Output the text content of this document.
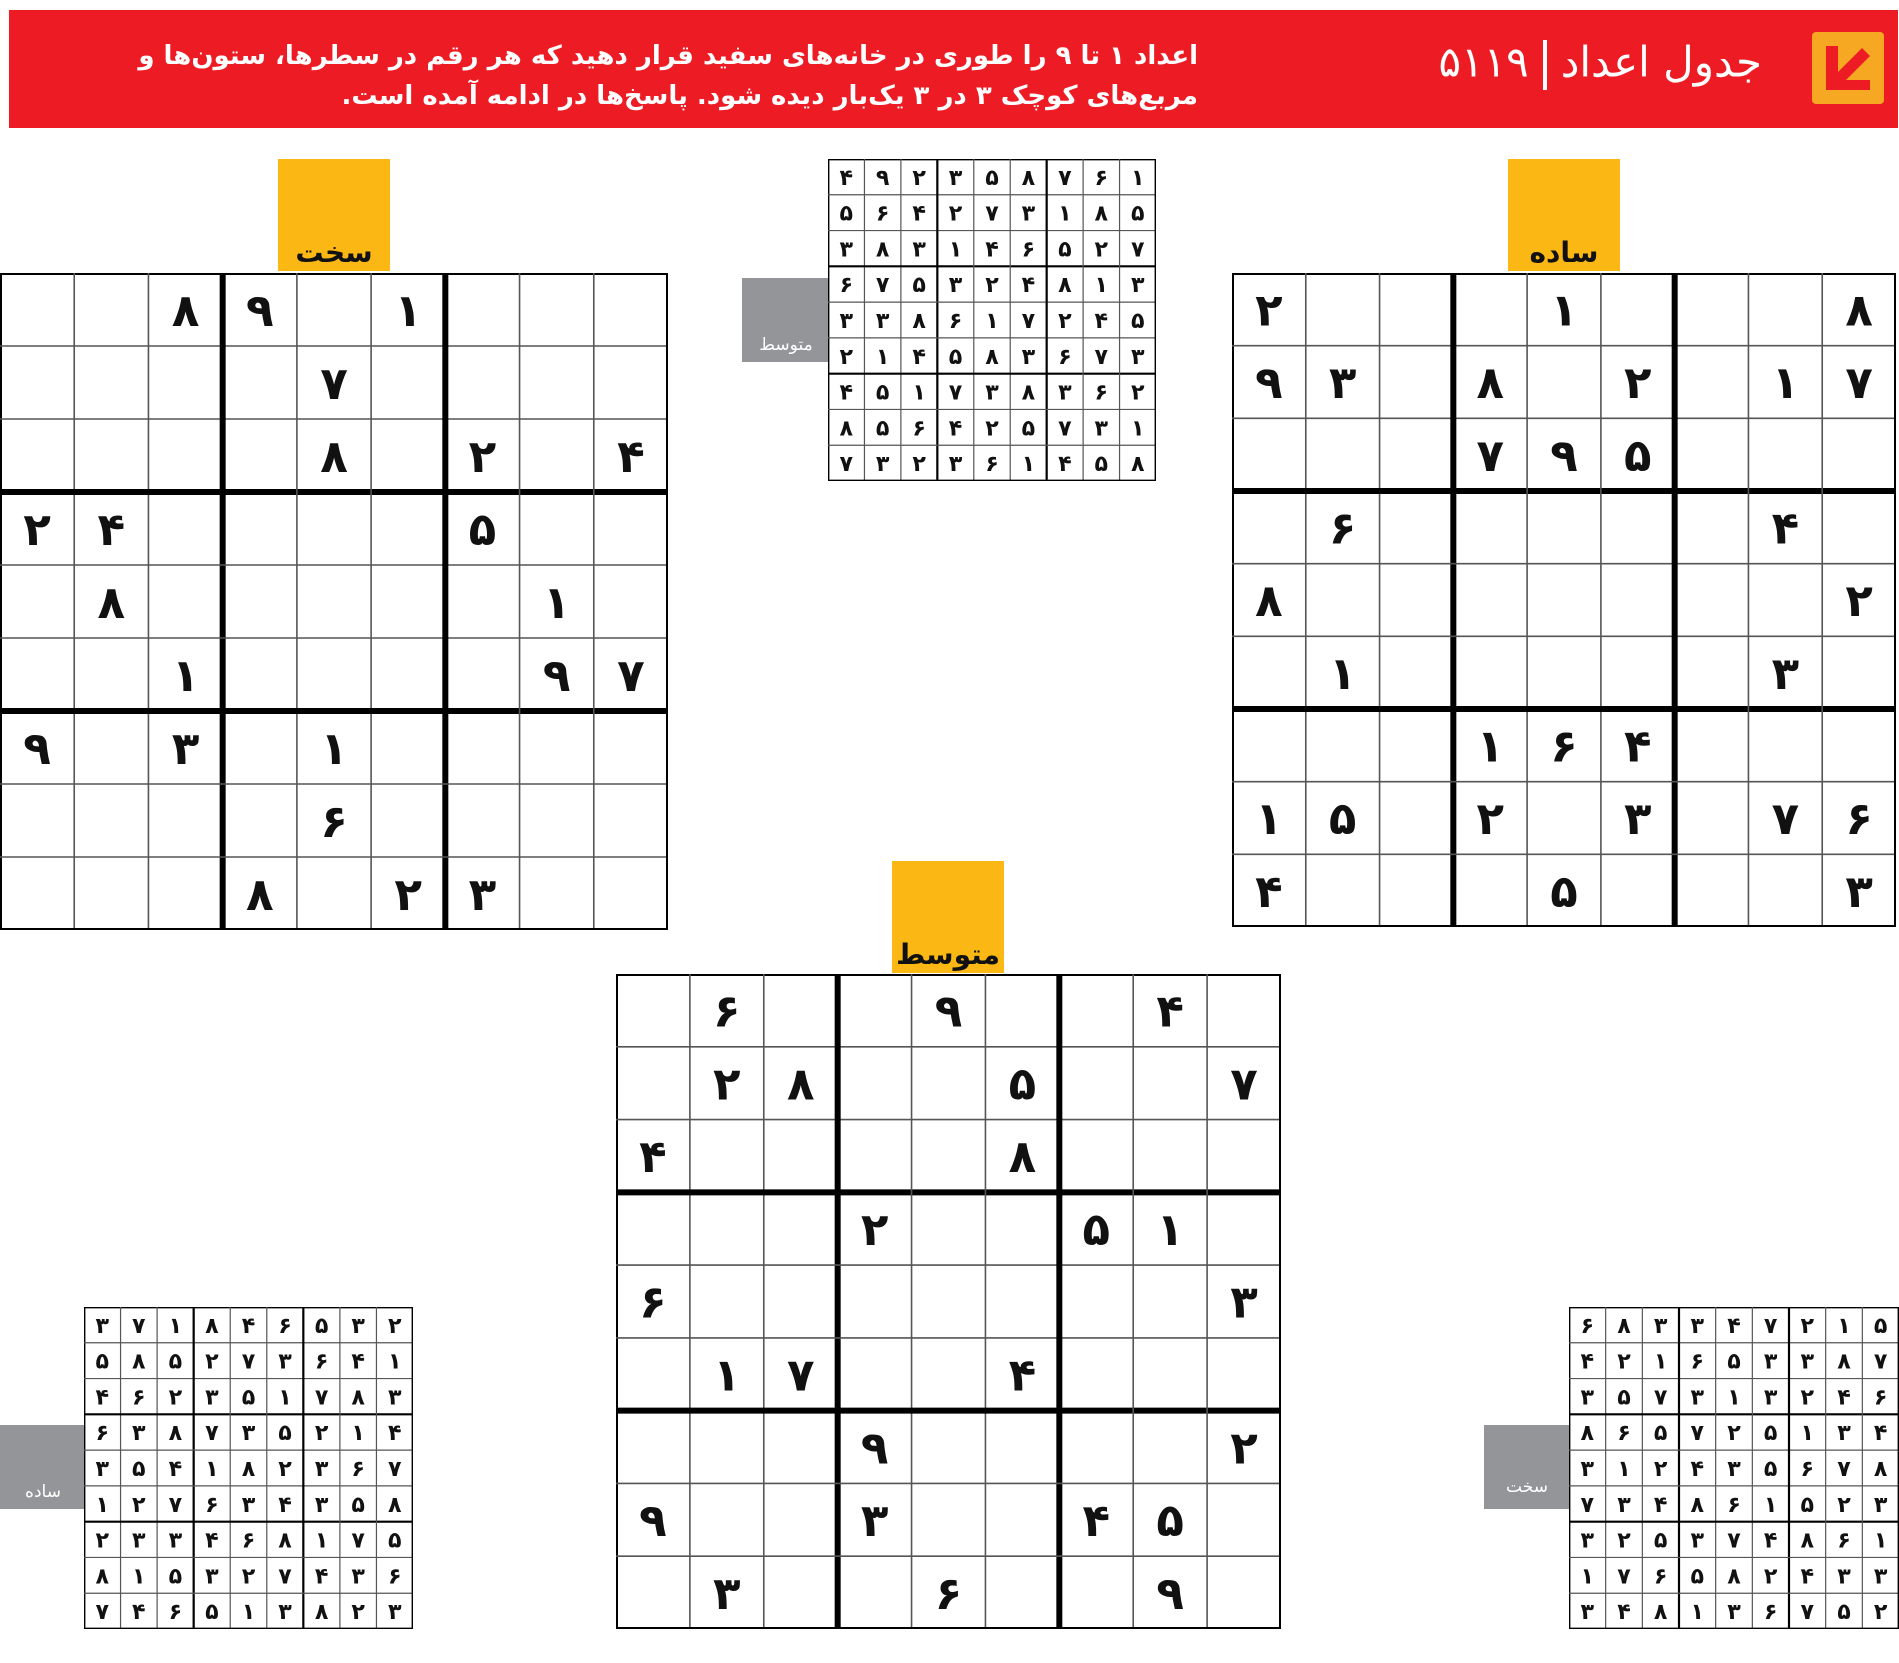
جدول اعداد۵۱۱۹
اعداد ۱ تا ۹ را طوری در خانه‌های سفید قرار دهید که هر رقم در سطرها، ستون‌ها و مربع‌های کوچک ۳ در ۳ یک‌بار دیده شود. پاسخ‌ها در ادامه آمده است.
ساده
سخت
متوسط
۸
۱
۲
۷
۱
۲
۸
۳
۹
۵
۹
۷
۴
۶
۲
۸
۳
۱
۴
۶
۱
۶
۷
۳
۲
۵
۱
۳
۵
۴
۱
۹
۸
۷
۴
۲
۸
۵
۴
۲
۱
۸
۷
۹
۱
۱
۳
۹
۶
۳
۲
۸
۴
۹
۶
۷
۵
۸
۲
۸
۴
۱
۵
۲
۳
۶
۴
۷
۱
۲
۹
۵
۴
۳
۹
۹
۶
۳
متوسط
۱
۶
۷
۸
۵
۳
۲
۹
۴
۵
۸
۱
۳
۷
۲
۴
۶
۵
۷
۲
۵
۶
۴
۱
۳
۸
۳
۳
۱
۸
۴
۲
۳
۵
۷
۶
۵
۴
۲
۷
۱
۶
۸
۳
۳
۳
۷
۶
۳
۸
۵
۴
۱
۲
۲
۶
۳
۸
۳
۷
۱
۵
۴
۱
۳
۷
۵
۲
۴
۶
۵
۸
۸
۵
۴
۱
۶
۳
۲
۳
۷
ساده
۲
۳
۵
۶
۴
۸
۱
۷
۳
۱
۴
۶
۳
۷
۲
۵
۸
۵
۳
۸
۷
۱
۵
۳
۲
۶
۴
۴
۱
۲
۵
۳
۷
۸
۳
۶
۷
۶
۳
۲
۸
۱
۴
۵
۳
۸
۵
۳
۴
۳
۶
۷
۲
۱
۵
۷
۱
۸
۶
۴
۳
۳
۲
۶
۳
۴
۷
۲
۳
۵
۱
۸
۳
۲
۸
۳
۱
۵
۶
۴
۷
سخت
۵
۱
۲
۷
۴
۳
۳
۸
۶
۷
۸
۳
۳
۵
۶
۱
۲
۴
۶
۴
۲
۳
۱
۳
۷
۵
۳
۴
۳
۱
۵
۲
۷
۵
۶
۸
۸
۷
۶
۵
۳
۴
۲
۱
۳
۳
۲
۵
۱
۶
۸
۴
۳
۷
۱
۶
۸
۴
۷
۳
۵
۲
۳
۳
۳
۴
۲
۸
۵
۶
۷
۱
۲
۵
۷
۶
۳
۱
۸
۴
۳
